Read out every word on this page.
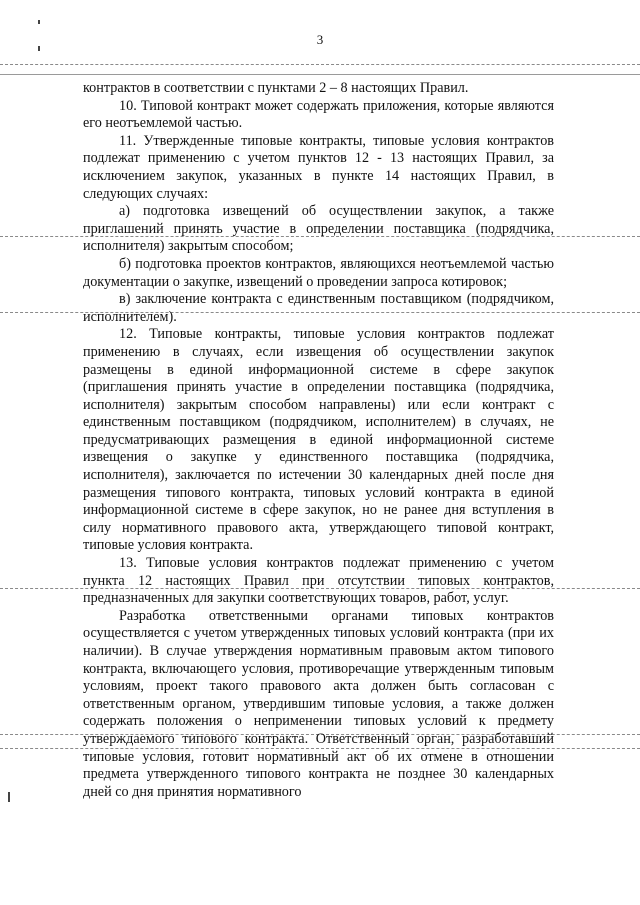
3

контрактов в соответствии с пунктами 2 – 8 настоящих Правил.

10. Типовой контракт может содержать приложения, которые являются его неотъемлемой частью.

11. Утвержденные типовые контракты, типовые условия контрактов подлежат применению с учетом пунктов 12 - 13 настоящих Правил, за исключением закупок, указанных в пункте 14 настоящих Правил, в следующих случаях:

а) подготовка извещений об осуществлении закупок, а также приглашений принять участие в определении поставщика (подрядчика, исполнителя) закрытым способом;

б) подготовка проектов контрактов, являющихся неотъемлемой частью документации о закупке, извещений о проведении запроса котировок;

в) заключение контракта с единственным поставщиком (подрядчиком, исполнителем).

12. Типовые контракты, типовые условия контрактов подлежат применению в случаях, если извещения об осуществлении закупок размещены в единой информационной системе в сфере закупок (приглашения принять участие в определении поставщика (подрядчика, исполнителя) закрытым способом направлены) или если контракт с единственным поставщиком (подрядчиком, исполнителем) в случаях, не предусматривающих размещения в единой информационной системе извещения о закупке у единственного поставщика (подрядчика, исполнителя), заключается по истечении 30 календарных дней после дня размещения типового контракта, типовых условий контракта в единой информационной системе в сфере закупок, но не ранее дня вступления в силу нормативного правового акта, утверждающего типовой контракт, типовые условия контракта.

13. Типовые условия контрактов подлежат применению с учетом пункта 12 настоящих Правил при отсутствии типовых контрактов, предназначенных для закупки соответствующих товаров, работ, услуг.

Разработка ответственными органами типовых контрактов осуществляется с учетом утвержденных типовых условий контракта (при их наличии). В случае утверждения нормативным правовым актом типового контракта, включающего условия, противоречащие утвержденным типовым условиям, проект такого правового акта должен быть согласован с ответственным органом, утвердившим типовые условия, а также должен содержать положения о неприменении типовых условий к предмету утверждаемого типового контракта. Ответственный орган, разработавший типовые условия, готовит нормативный акт об их отмене в отношении предмета утвержденного типового контракта не позднее 30 календарных дней со дня принятия нормативного
